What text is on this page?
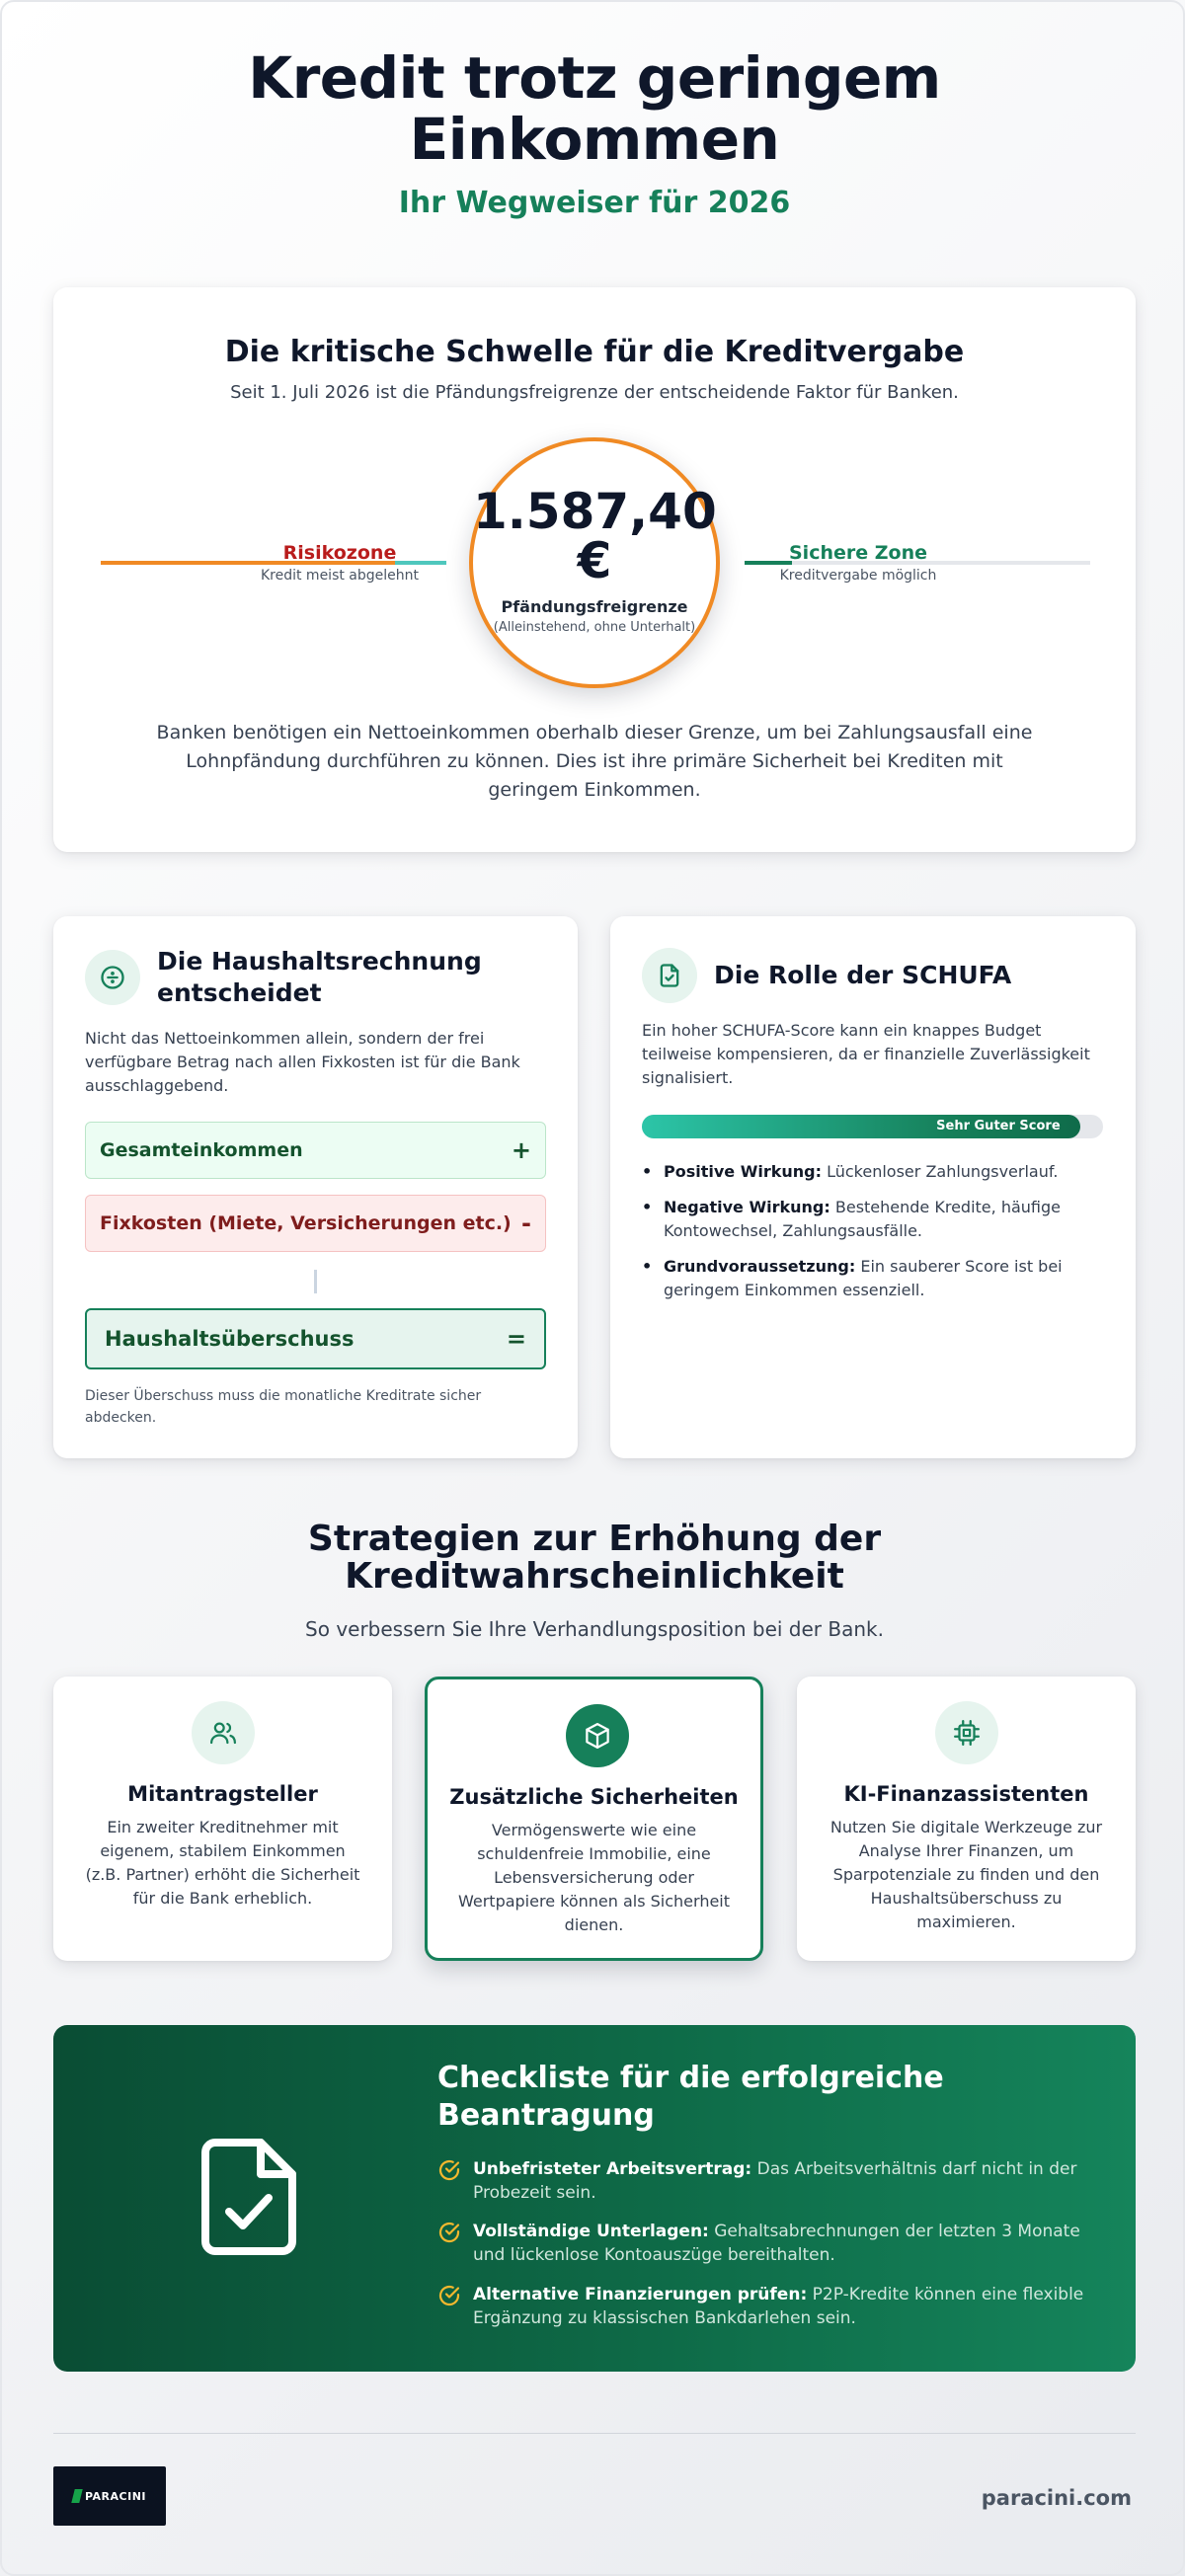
Kredit trotz geringem
Einkommen
Ihr Wegweiser für 2026
Die kritische Schwelle für die Kreditvergabe
Seit 1. Juli 2026 ist die Pfändungsfreigrenze der entscheidende Faktor für Banken.
Risikozone
Kredit meist abgelehnt
Sichere Zone
Kreditvergabe möglich
1.587,40
€
Pfändungsfreigrenze
(Alleinstehend, ohne Unterhalt)
Banken benötigen ein Nettoeinkommen oberhalb dieser Grenze, um bei Zahlungsausfall eine Lohnpfändung durchführen zu können. Dies ist ihre primäre Sicherheit bei Krediten mit geringem Einkommen.
Die Haushaltsrechnung entscheidet
Nicht das Nettoeinkommen allein, sondern der frei verfügbare Betrag nach allen Fixkosten ist für die Bank ausschlaggebend.
Gesamteinkommen	+
Fixkosten (Miete, Versicherungen etc.) -
Haushaltsüberschuss	=
Dieser Überschuss muss die monatliche Kreditrate sicher abdecken.
Die Rolle der SCHUFA
Ein hoher SCHUFA-Score kann ein knappes Budget teilweise kompensieren, da er finanzielle Zuverlässigkeit signalisiert.
Sehr Guter Score
• Positive Wirkung: Lückenloser Zahlungsverlauf.
• Negative Wirkung: Bestehende Kredite, häufige Kontowechsel, Zahlungsausfälle.
• Grundvoraussetzung: Ein sauberer Score ist bei geringem Einkommen essenziell.
Strategien zur Erhöhung der
Kreditwahrscheinlichkeit

So verbessern Sie Ihre Verhandlungsposition bei der Bank.

Mitantragsteller
Ein zweiter Kreditnehmer mit eigenem, stabilem Einkommen (z.B. Partner) erhöht die Sicherheit für die Bank erheblich.
Zusätzliche Sicherheiten
Vermögenswerte wie eine schuldenfreie Immobilie, eine Lebensversicherung oder Wertpapiere können als Sicherheit dienen.
KI-Finanzassistenten
Nutzen Sie digitale Werkzeuge zur Analyse Ihrer Finanzen, um Sparpotenziale zu finden und den Haushaltsüberschuss zu maximieren.
Checkliste für die erfolgreiche Beantragung
Unbefristeter Arbeitsvertrag: Das Arbeitsverhältnis darf nicht in der Probezeit sein.
Vollständige Unterlagen: Gehaltsabrechnungen der letzten 3 Monate und lückenlose Kontoauszüge bereithalten.
Alternative Finanzierungen prüfen: P2P-Kredite können eine flexible Ergänzung zu klassischen Bankdarlehen sein.
PARACINI	paracini.com
